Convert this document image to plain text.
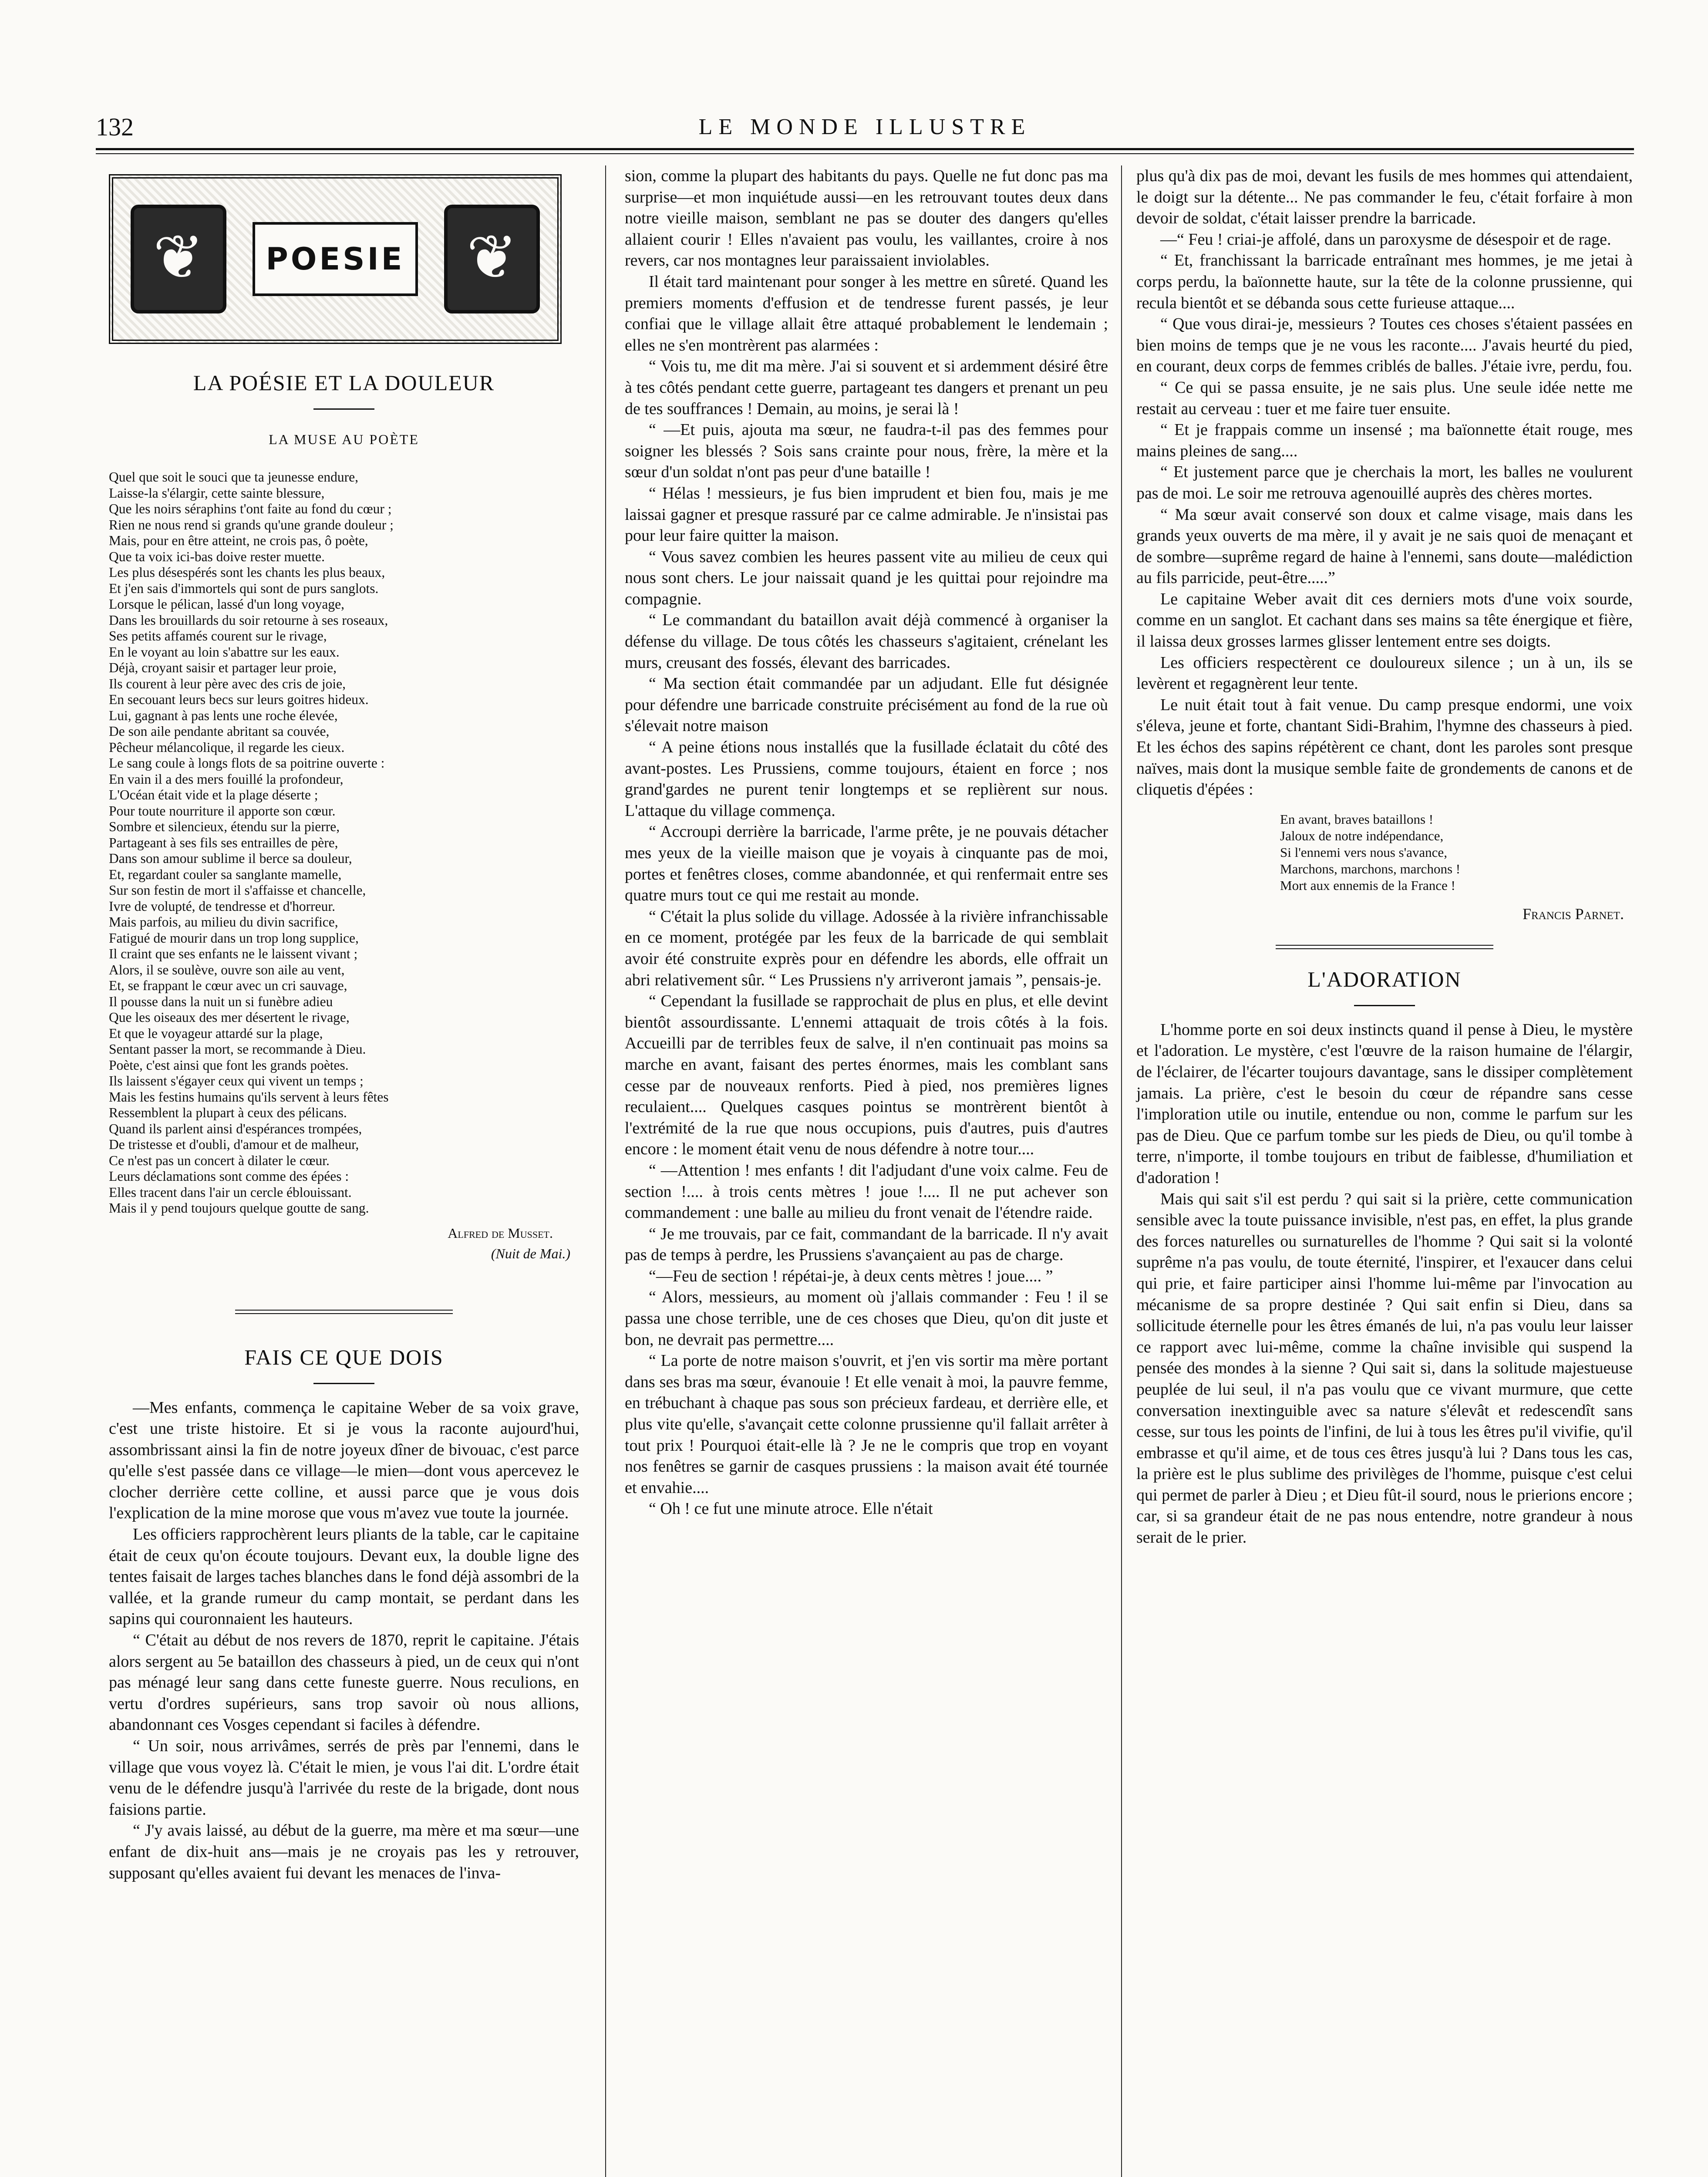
132	LE MONDE ILLUSTRE
❦
POESIE
❦
LA POÉSIE ET LA DOULEUR
LA MUSE AU POÈTE
Quel que soit le souci que ta jeunesse endure,
Laisse-la s'élargir, cette sainte blessure,
Que les noirs séraphins t'ont faite au fond du cœur ;
Rien ne nous rend si grands qu'une grande douleur ;
Mais, pour en être atteint, ne crois pas, ô poète,
Que ta voix ici-bas doive rester muette.
Les plus désespérés sont les chants les plus beaux,
Et j'en sais d'immortels qui sont de purs sanglots.
Lorsque le pélican, lassé d'un long voyage,
Dans les brouillards du soir retourne à ses roseaux,
Ses petits affamés courent sur le rivage,
En le voyant au loin s'abattre sur les eaux.
Déjà, croyant saisir et partager leur proie,
Ils courent à leur père avec des cris de joie,
En secouant leurs becs sur leurs goitres hideux.
Lui, gagnant à pas lents une roche élevée,
De son aile pendante abritant sa couvée,
Pêcheur mélancolique, il regarde les cieux.
Le sang coule à longs flots de sa poitrine ouverte :
En vain il a des mers fouillé la profondeur,
L'Océan était vide et la plage déserte ;
Pour toute nourriture il apporte son cœur.
Sombre et silencieux, étendu sur la pierre,
Partageant à ses fils ses entrailles de père,
Dans son amour sublime il berce sa douleur,
Et, regardant couler sa sanglante mamelle,
Sur son festin de mort il s'affaisse et chancelle,
Ivre de volupté, de tendresse et d'horreur.
Mais parfois, au milieu du divin sacrifice,
Fatigué de mourir dans un trop long supplice,
Il craint que ses enfants ne le laissent vivant ;
Alors, il se soulève, ouvre son aile au vent,
Et, se frappant le cœur avec un cri sauvage,
Il pousse dans la nuit un si funèbre adieu
Que les oiseaux des mer désertent le rivage,
Et que le voyageur attardé sur la plage,
Sentant passer la mort, se recommande à Dieu.
Poète, c'est ainsi que font les grands poètes.
Ils laissent s'égayer ceux qui vivent un temps ;
Mais les festins humains qu'ils servent à leurs fêtes
Ressemblent la plupart à ceux des pélicans.
Quand ils parlent ainsi d'espérances trompées,
De tristesse et d'oubli, d'amour et de malheur,
Ce n'est pas un concert à dilater le cœur.
Leurs déclamations sont comme des épées :
Elles tracent dans l'air un cercle éblouissant.
Mais il y pend toujours quelque goutte de sang.
Alfred de Musset.
(Nuit de Mai.)
FAIS CE QUE DOIS

—Mes enfants, commença le capitaine Weber de sa voix grave, c'est une triste histoire. Et si je vous la raconte aujourd'hui, assombrissant ainsi la fin de notre joyeux dîner de bivouac, c'est parce qu'elle s'est passée dans ce village—le mien—dont vous apercevez le clocher derrière cette colline, et aussi parce que je vous dois l'explication de la mine morose que vous m'avez vue toute la journée.

Les officiers rapprochèrent leurs pliants de la table, car le capitaine était de ceux qu'on écoute toujours. Devant eux, la double ligne des tentes faisait de larges taches blanches dans le fond déjà assombri de la vallée, et la grande rumeur du camp montait, se perdant dans les sapins qui couronnaient les hauteurs.

“ C'était au début de nos revers de 1870, reprit le capitaine. J'étais alors sergent au 5e bataillon des chasseurs à pied, un de ceux qui n'ont pas ménagé leur sang dans cette funeste guerre. Nous reculions, en vertu d'ordres supérieurs, sans trop savoir où nous allions, abandonnant ces Vosges cependant si faciles à défendre.

“ Un soir, nous arrivâmes, serrés de près par l'ennemi, dans le village que vous voyez là. C'était le mien, je vous l'ai dit. L'ordre était venu de le défendre jusqu'à l'arrivée du reste de la brigade, dont nous faisions partie.

“ J'y avais laissé, au début de la guerre, ma mère et ma sœur—une enfant de dix-huit ans—mais je ne croyais pas les y retrouver, supposant qu'elles avaient fui devant les menaces de l'inva-

sion, comme la plupart des habitants du pays. Quelle ne fut donc pas ma surprise—et mon inquiétude aussi—en les retrouvant toutes deux dans notre vieille maison, semblant ne pas se douter des dangers qu'elles allaient courir ! Elles n'avaient pas voulu, les vaillantes, croire à nos revers, car nos montagnes leur paraissaient inviolables.

Il était tard maintenant pour songer à les mettre en sûreté. Quand les premiers moments d'effusion et de tendresse furent passés, je leur confiai que le village allait être attaqué probablement le lendemain ; elles ne s'en montrèrent pas alarmées :

“ Vois tu, me dit ma mère. J'ai si souvent et si ardemment désiré être à tes côtés pendant cette guerre, partageant tes dangers et prenant un peu de tes souffrances ! Demain, au moins, je serai là !

“ —Et puis, ajouta ma sœur, ne faudra-t-il pas des femmes pour soigner les blessés ? Sois sans crainte pour nous, frère, la mère et la sœur d'un soldat n'ont pas peur d'une bataille !

“ Hélas ! messieurs, je fus bien imprudent et bien fou, mais je me laissai gagner et presque rassuré par ce calme admirable. Je n'insistai pas pour leur faire quitter la maison.

“ Vous savez combien les heures passent vite au milieu de ceux qui nous sont chers. Le jour naissait quand je les quittai pour rejoindre ma compagnie.

“ Le commandant du bataillon avait déjà commencé à organiser la défense du village. De tous côtés les chasseurs s'agitaient, crénelant les murs, creusant des fossés, élevant des barricades.

“ Ma section était commandée par un adjudant. Elle fut désignée pour défendre une barricade construite précisément au fond de la rue où s'élevait notre maison

“ A peine étions nous installés que la fusillade éclatait du côté des avant-postes. Les Prussiens, comme toujours, étaient en force ; nos grand'gardes ne purent tenir longtemps et se replièrent sur nous. L'attaque du village commença.

“ Accroupi derrière la barricade, l'arme prête, je ne pouvais détacher mes yeux de la vieille maison que je voyais à cinquante pas de moi, portes et fenêtres closes, comme abandonnée, et qui renfermait entre ses quatre murs tout ce qui me restait au monde.

“ C'était la plus solide du village. Adossée à la rivière infranchissable en ce moment, protégée par les feux de la barricade de qui semblait avoir été construite exprès pour en défendre les abords, elle offrait un abri relativement sûr. “ Les Prussiens n'y arriveront jamais ”, pensais-je.

“ Cependant la fusillade se rapprochait de plus en plus, et elle devint bientôt assourdissante. L'ennemi attaquait de trois côtés à la fois. Accueilli par de terribles feux de salve, il n'en continuait pas moins sa marche en avant, faisant des pertes énormes, mais les comblant sans cesse par de nouveaux renforts. Pied à pied, nos premières lignes reculaient.... Quelques casques pointus se montrèrent bientôt à l'extrémité de la rue que nous occupions, puis d'autres, puis d'autres encore : le moment était venu de nous défendre à notre tour....

“ —Attention ! mes enfants ! dit l'adjudant d'une voix calme. Feu de section !.... à trois cents mètres ! joue !.... Il ne put achever son commandement : une balle au milieu du front venait de l'étendre raide.

“ Je me trouvais, par ce fait, commandant de la barricade. Il n'y avait pas de temps à perdre, les Prussiens s'avançaient au pas de charge.

“—Feu de section ! répétai-je, à deux cents mètres ! joue.... ”

“ Alors, messieurs, au moment où j'allais commander : Feu ! il se passa une chose terrible, une de ces choses que Dieu, qu'on dit juste et bon, ne devrait pas permettre....

“ La porte de notre maison s'ouvrit, et j'en vis sortir ma mère portant dans ses bras ma sœur, évanouie ! Et elle venait à moi, la pauvre femme, en trébuchant à chaque pas sous son précieux fardeau, et derrière elle, et plus vite qu'elle, s'avançait cette colonne prussienne qu'il fallait arrêter à tout prix ! Pourquoi était-elle là ? Je ne le compris que trop en voyant nos fenêtres se garnir de casques prussiens : la maison avait été tournée et envahie....

“ Oh ! ce fut une minute atroce. Elle n'était

plus qu'à dix pas de moi, devant les fusils de mes hommes qui attendaient, le doigt sur la détente... Ne pas commander le feu, c'était forfaire à mon devoir de soldat, c'était laisser prendre la barricade.

—“ Feu ! criai-je affolé, dans un paroxysme de désespoir et de rage.

“ Et, franchissant la barricade entraînant mes hommes, je me jetai à corps perdu, la baïonnette haute, sur la tête de la colonne prussienne, qui recula bientôt et se débanda sous cette furieuse attaque....

“ Que vous dirai-je, messieurs ? Toutes ces choses s'étaient passées en bien moins de temps que je ne vous les raconte.... J'avais heurté du pied, en courant, deux corps de femmes criblés de balles. J'étaie ivre, perdu, fou.

“ Ce qui se passa ensuite, je ne sais plus. Une seule idée nette me restait au cerveau : tuer et me faire tuer ensuite.

“ Et je frappais comme un insensé ; ma baïonnette était rouge, mes mains pleines de sang....

“ Et justement parce que je cherchais la mort, les balles ne voulurent pas de moi. Le soir me retrouva agenouillé auprès des chères mortes.

“ Ma sœur avait conservé son doux et calme visage, mais dans les grands yeux ouverts de ma mère, il y avait je ne sais quoi de menaçant et de sombre—suprême regard de haine à l'ennemi, sans doute—malédiction au fils parricide, peut-être.....”

Le capitaine Weber avait dit ces derniers mots d'une voix sourde, comme en un sanglot. Et cachant dans ses mains sa tête énergique et fière, il laissa deux grosses larmes glisser lentement entre ses doigts.

Les officiers respectèrent ce douloureux silence ; un à un, ils se levèrent et regagnèrent leur tente.

Le nuit était tout à fait venue. Du camp presque endormi, une voix s'éleva, jeune et forte, chantant Sidi-Brahim, l'hymne des chasseurs à pied. Et les échos des sapins répétèrent ce chant, dont les paroles sont presque naïves, mais dont la musique semble faite de grondements de canons et de cliquetis d'épées :

En avant, braves bataillons !
Jaloux de notre indépendance,
Si l'ennemi vers nous s'avance,
Marchons, marchons, marchons !
Mort aux ennemis de la France !
Francis Parnet.
L'ADORATION

L'homme porte en soi deux instincts quand il pense à Dieu, le mystère et l'adoration. Le mystère, c'est l'œuvre de la raison humaine de l'élargir, de l'éclairer, de l'écarter toujours davantage, sans le dissiper complètement jamais. La prière, c'est le besoin du cœur de répandre sans cesse l'imploration utile ou inutile, entendue ou non, comme le parfum sur les pas de Dieu. Que ce parfum tombe sur les pieds de Dieu, ou qu'il tombe à terre, n'importe, il tombe toujours en tribut de faiblesse, d'humiliation et d'adoration !

Mais qui sait s'il est perdu ? qui sait si la prière, cette communication sensible avec la toute puissance invisible, n'est pas, en effet, la plus grande des forces naturelles ou surnaturelles de l'homme ? Qui sait si la volonté suprême n'a pas voulu, de toute éternité, l'inspirer, et l'exaucer dans celui qui prie, et faire participer ainsi l'homme lui-même par l'invocation au mécanisme de sa propre destinée ? Qui sait enfin si Dieu, dans sa sollicitude éternelle pour les êtres émanés de lui, n'a pas voulu leur laisser ce rapport avec lui-même, comme la chaîne invisible qui suspend la pensée des mondes à la sienne ? Qui sait si, dans la solitude majestueuse peuplée de lui seul, il n'a pas voulu que ce vivant murmure, que cette conversation inextinguible avec sa nature s'élevât et redescendît sans cesse, sur tous les points de l'infini, de lui à tous les êtres pu'il vivifie, qu'il embrasse et qu'il aime, et de tous ces êtres jusqu'à lui ? Dans tous les cas, la prière est le plus sublime des privilèges de l'homme, puisque c'est celui qui permet de parler à Dieu ; et Dieu fût-il sourd, nous le prierions encore ; car, si sa grandeur était de ne pas nous entendre, notre grandeur à nous serait de le prier.
